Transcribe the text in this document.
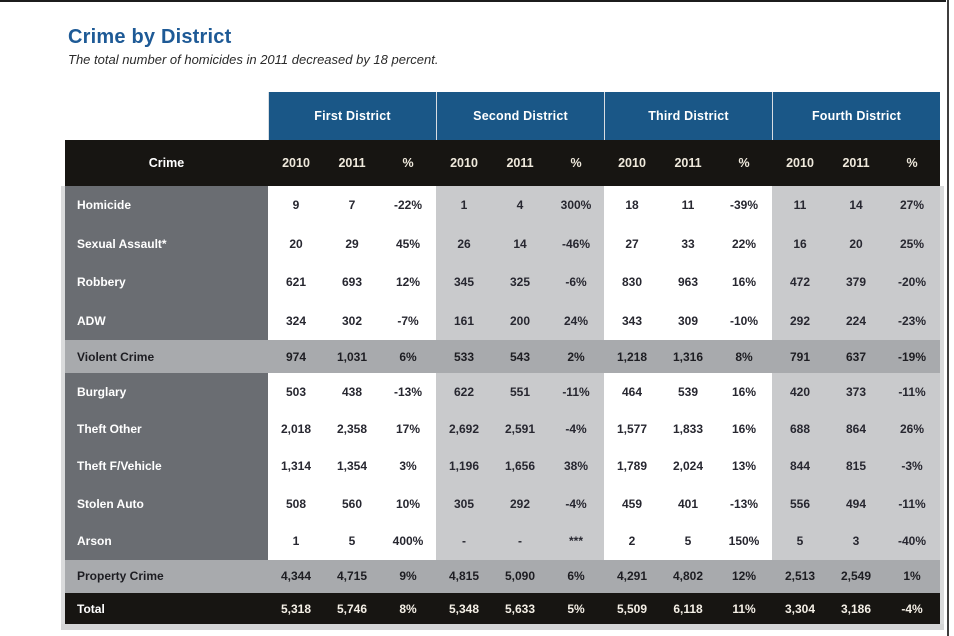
Crime by District
The total number of homicides in 2011 decreased by 18 percent.
First District	Second District	Third District	Fourth District
Crime	2010	2011	%	2010	2011	%	2010	2011	%	2010	2011	%
Homicide	9	7	-22%	1	4	300%	18	11	-39%	11	14	27%
Sexual Assault*	20	29	45%	26	14	-46%	27	33	22%	16	20	25%
Robbery	621	693	12%	345	325	-6%	830	963	16%	472	379	-20%
ADW	324	302	-7%	161	200	24%	343	309	-10%	292	224	-23%
Violent Crime	974	1,031	6%	533	543	2%	1,218	1,316	8%	791	637	-19%
Burglary	503	438	-13%	622	551	-11%	464	539	16%	420	373	-11%
Theft Other	2,018	2,358	17%	2,692	2,591	-4%	1,577	1,833	16%	688	864	26%
Theft F/Vehicle	1,314	1,354	3%	1,196	1,656	38%	1,789	2,024	13%	844	815	-3%
Stolen Auto	508	560	10%	305	292	-4%	459	401	-13%	556	494	-11%
Arson	1	5	400%	-	-	***	2	5	150%	5	3	-40%
Property Crime	4,344	4,715	9%	4,815	5,090	6%	4,291	4,802	12%	2,513	2,549	1%
Total	5,318	5,746	8%	5,348	5,633	5%	5,509	6,118	11%	3,304	3,186	-4%
